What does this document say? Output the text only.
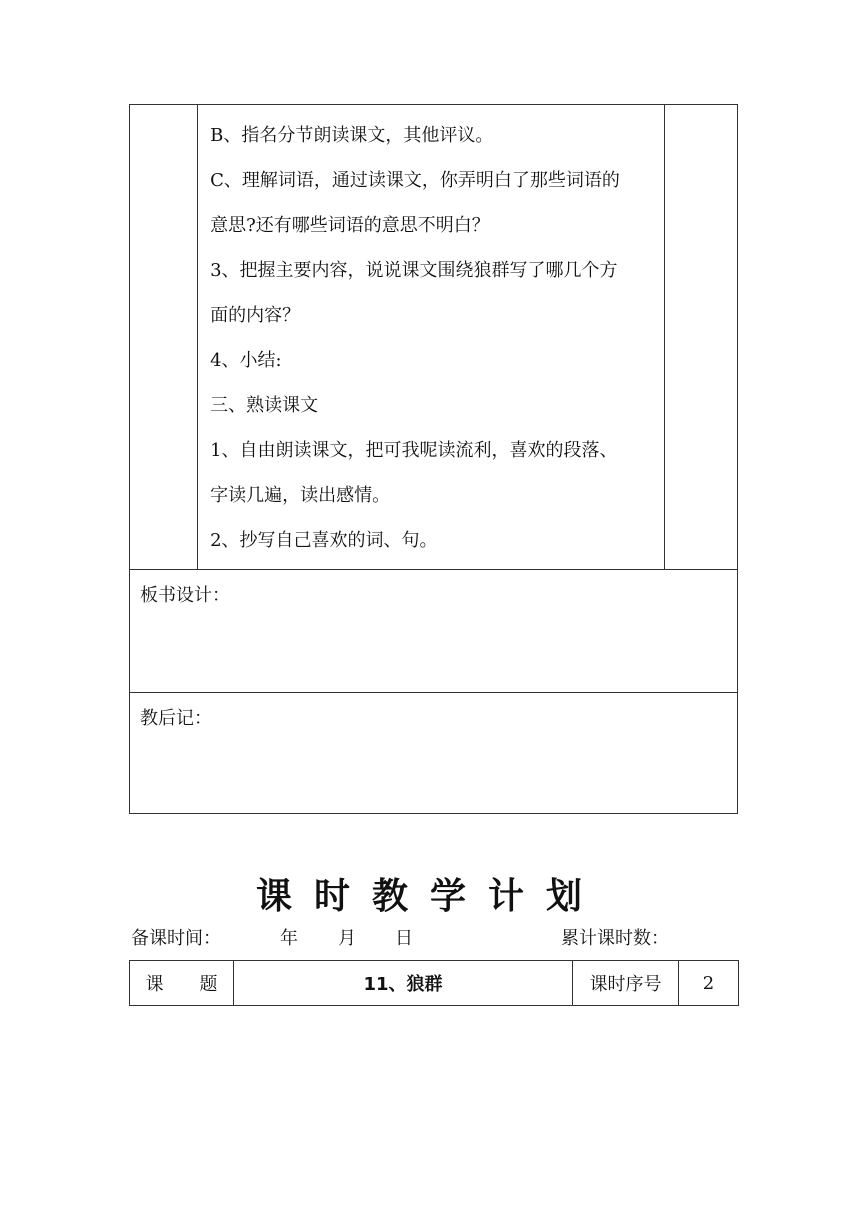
B、指名分节朗读课文，其他评议。
C、理解词语，通过读课文，你弄明白了那些词语的
意思?还有哪些词语的意思不明白？
3、把握主要内容，说说课文围绕狼群写了哪几个方
面的内容？
4、小结:
三、熟读课文
1、自由朗读课文，把可我呢读流利，喜欢的段落、
字读几遍，读出感情。
2、抄写自己喜欢的词、句。

板书设计：
教后记：
课时教学计划
备课时间：	年 月 日	累计课时数：
课　　题	11、狼群	课时序号	2
